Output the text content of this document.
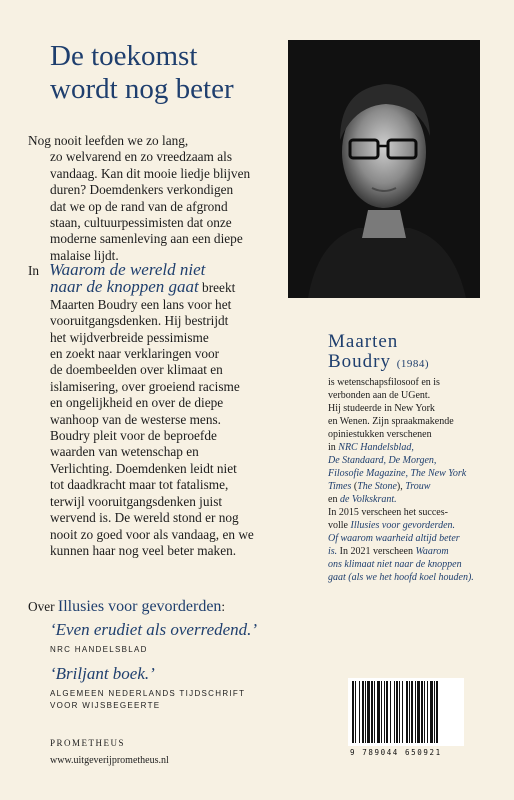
De toekomst
wordt nog beter

Nog nooit leefden we zo lang,
zo welvarend en zo vreedzaam als
vandaag. Kan dit mooie liedje blijven
duren? Doemdenkers verkondigen
dat we op de rand van de afgrond
staan, cultuurpessimisten dat onze
moderne samenleving aan een diepe
malaise lijdt.

In Waarom de wereld niet
naar de knoppen gaat breekt
Maarten Boudry een lans voor het
vooruitgangsdenken. Hij bestrijdt
het wijdverbreide pessimisme
en zoekt naar verklaringen voor
de doembeelden over klimaat en
islamisering, over groeiend racisme
en ongelijkheid en over de diepe
wanhoop van de westerse mens.
Boudry pleit voor de beproefde
waarden van wetenschap en
Verlichting. Doemdenken leidt niet
tot daadkracht maar tot fatalisme,
terwijl vooruitgangsdenken juist
wervend is. De wereld stond er nog
nooit zo goed voor als vandaag, en we
kunnen haar nog veel beter maken.

Over Illusies voor gevorderden:
‘Even erudiet als overredend.’
NRC HANDELSBLAD
‘Briljant boek.’
ALGEMEEN NEDERLANDS TIJDSCHRIFT
VOOR WIJSBEGEERTE
PROMETHEUS
www.uitgeverijprometheus.nl
Maarten
Boudry (1984)

is wetenschapsfilosoof en is
verbonden aan de UGent.
Hij studeerde in New York
en Wenen. Zijn spraakmakende
opiniestukken verschenen
in NRC Handelsblad,
De Standaard, De Morgen,
Filosofie Magazine, The New York
Times (The Stone), Trouw
en de Volkskrant.
In 2015 verscheen het succes-
volle Illusies voor gevorderden.
Of waarom waarheid altijd beter
is. In 2021 verscheen Waarom
ons klimaat niet naar de knoppen
gaat (als we het hoofd koel houden).

9 789044 650921
